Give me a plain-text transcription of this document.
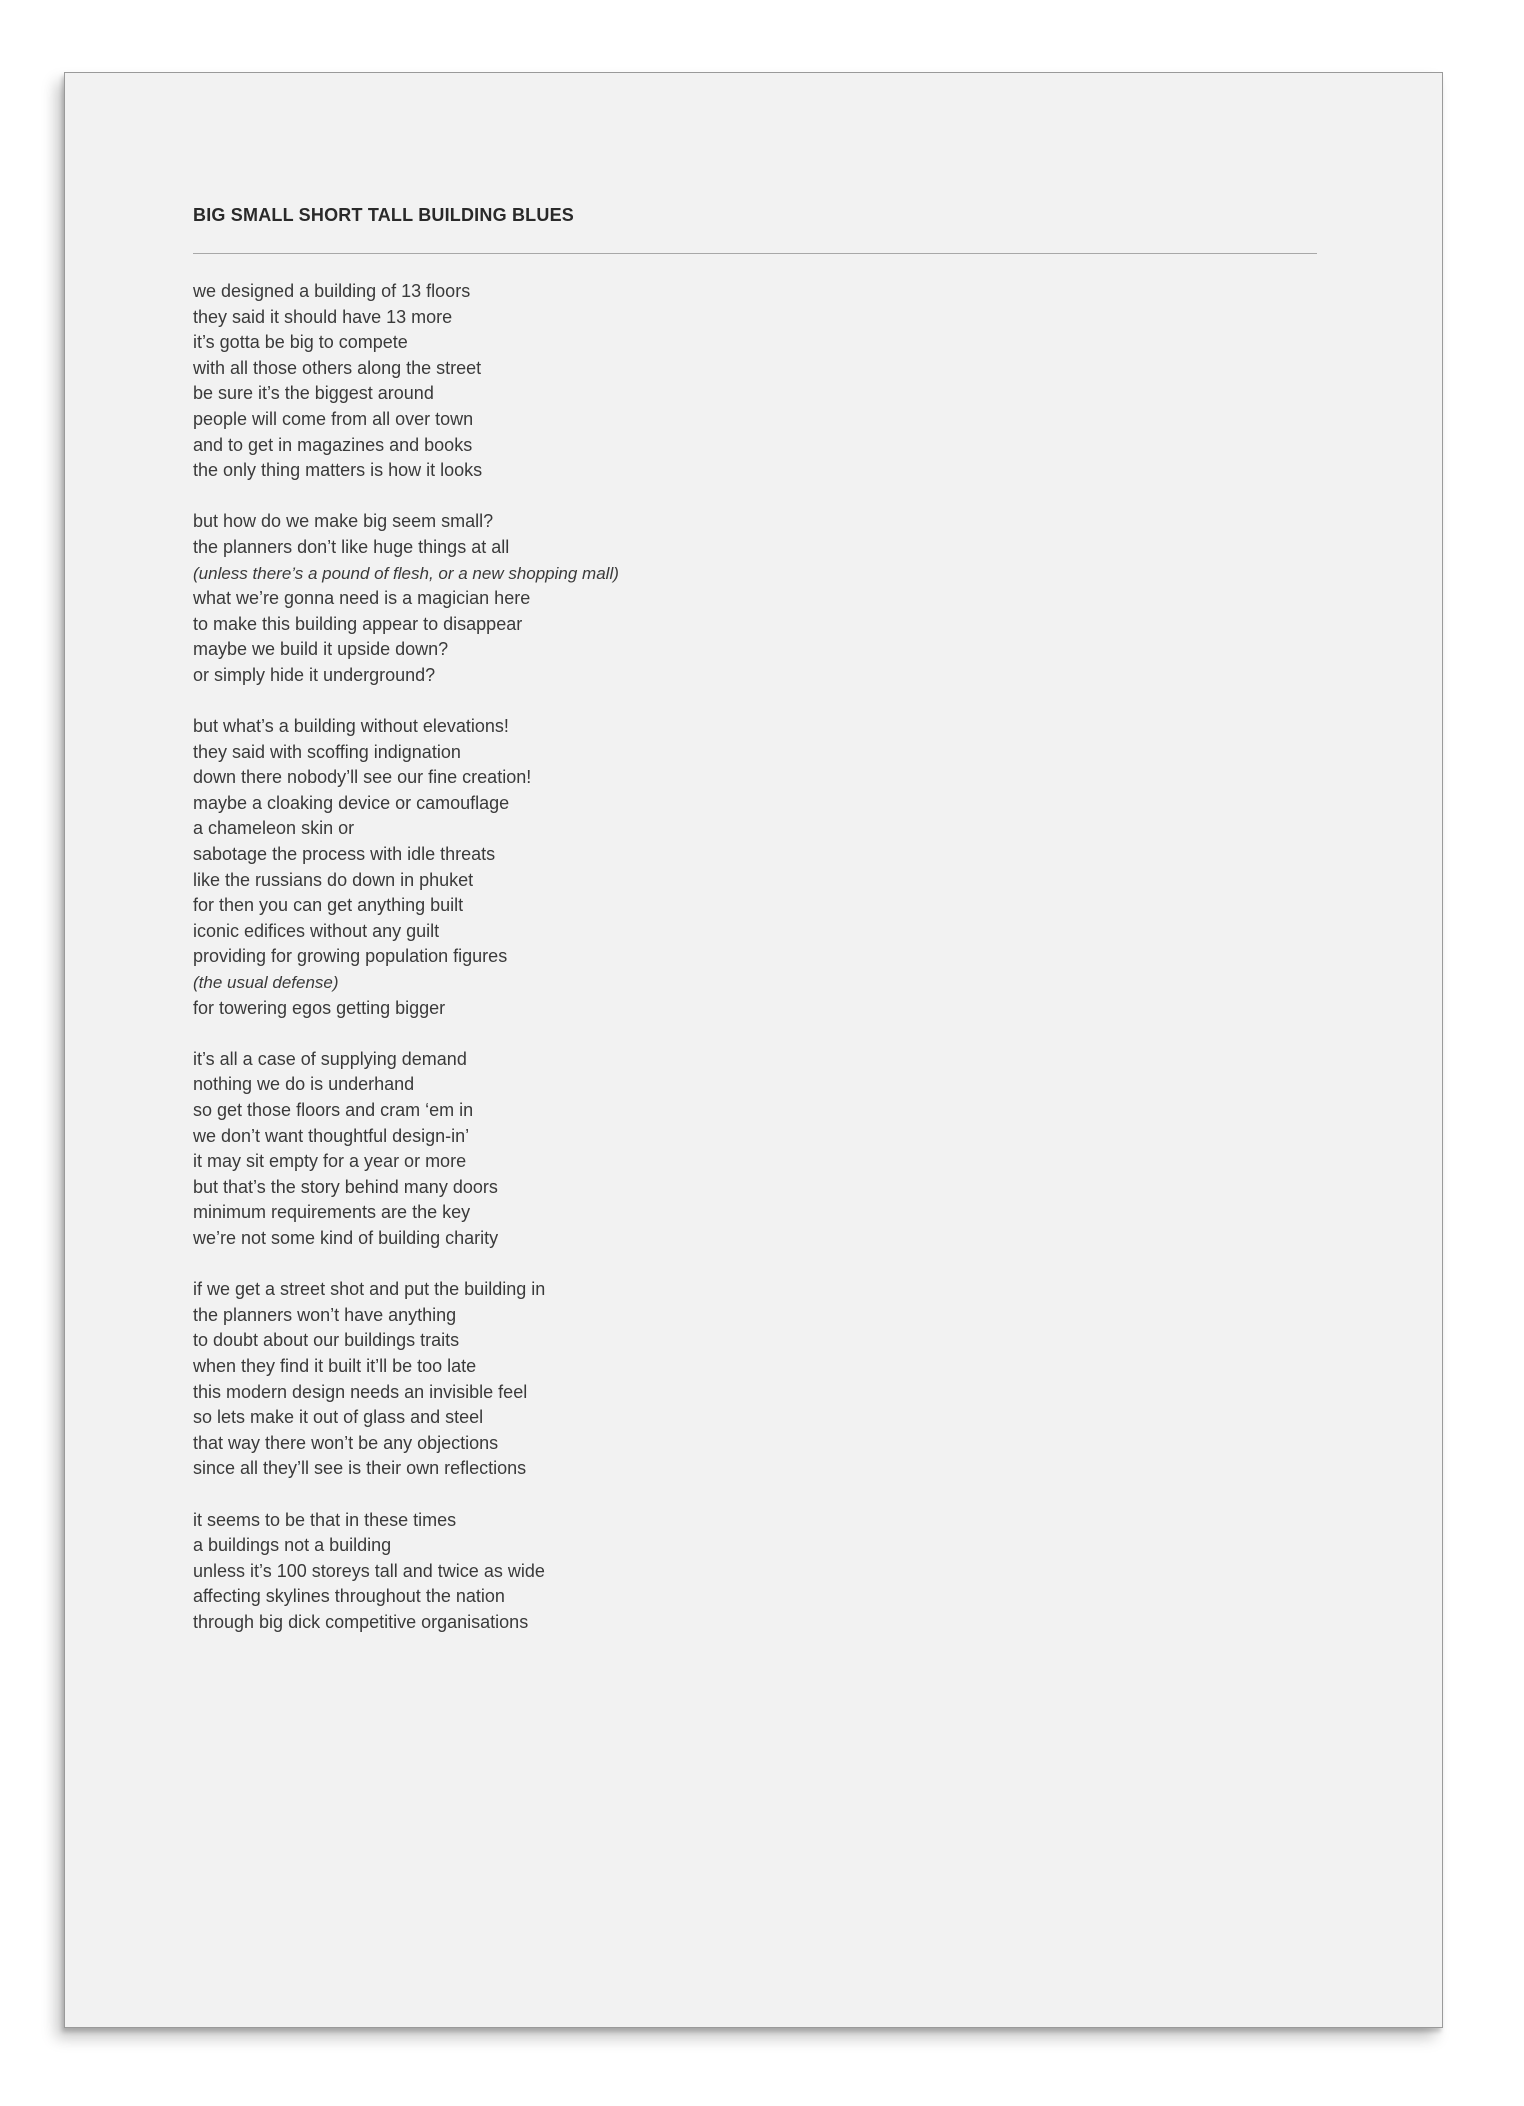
BIG SMALL SHORT TALL BUILDING BLUES
we designed a building of 13 floors
they said it should have 13 more
it’s gotta be big to compete
with all those others along the street
be sure it’s the biggest around
people will come from all over town
and to get in magazines and books
the only thing matters is how it looks
but how do we make big seem small?
the planners don’t like huge things at all
(unless there’s a pound of flesh, or a new shopping mall)
what we’re gonna need is a magician here
to make this building appear to disappear
maybe we build it upside down?
or simply hide it underground?
but what’s a building without elevations!
they said with scoffing indignation
down there nobody’ll see our fine creation!
maybe a cloaking device or camouflage
a chameleon skin or
sabotage the process with idle threats
like the russians do down in phuket
for then you can get anything built
iconic edifices without any guilt
providing for growing population figures
(the usual defense)
for towering egos getting bigger
it’s all a case of supplying demand
nothing we do is underhand
so get those floors and cram ‘em in
we don’t want thoughtful design-in’
it may sit empty for a year or more
but that’s the story behind many doors
minimum requirements are the key
we’re not some kind of building charity
if we get a street shot and put the building in
the planners won’t have anything
to doubt about our buildings traits
when they find it built it’ll be too late
this modern design needs an invisible feel
so lets make it out of glass and steel
that way there won’t be any objections
since all they’ll see is their own reflections
it seems to be that in these times
a buildings not a building
unless it’s 100 storeys tall and twice as wide
affecting skylines throughout the nation
through big dick competitive organisations
